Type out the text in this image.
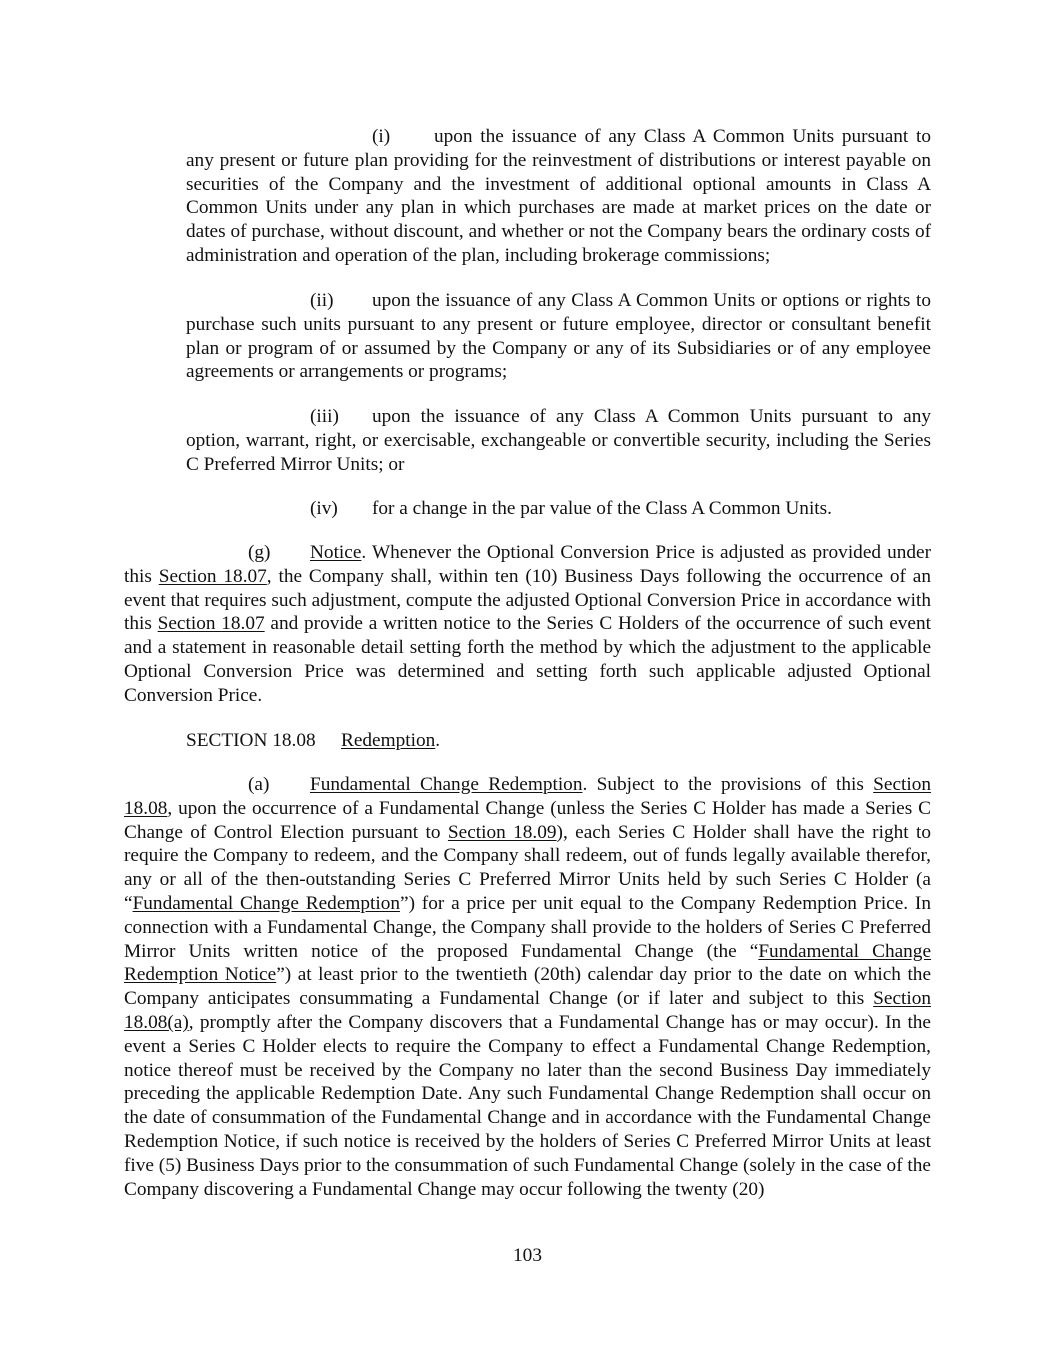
(i) upon the issuance of any Class A Common Units pursuant to any present or future plan providing for the reinvestment of distributions or interest payable on securities of the Company and the investment of additional optional amounts in Class A Common Units under any plan in which purchases are made at market prices on the date or dates of purchase, without discount, and whether or not the Company bears the ordinary costs of administration and operation of the plan, including brokerage commissions;

(ii) upon the issuance of any Class A Common Units or options or rights to purchase such units pursuant to any present or future employee, director or consultant benefit plan or program of or assumed by the Company or any of its Subsidiaries or of any employee agreements or arrangements or programs;

(iii) upon the issuance of any Class A Common Units pursuant to any option, warrant, right, or exercisable, exchangeable or convertible security, including the Series C Preferred Mirror Units; or

(iv) for a change in the par value of the Class A Common Units.

(g) Notice. Whenever the Optional Conversion Price is adjusted as provided under this Section 18.07, the Company shall, within ten (10) Business Days following the occurrence of an event that requires such adjustment, compute the adjusted Optional Conversion Price in accordance with this Section 18.07 and provide a written notice to the Series C Holders of the occurrence of such event and a statement in reasonable detail setting forth the method by which the adjustment to the applicable Optional Conversion Price was determined and setting forth such applicable adjusted Optional Conversion Price.

SECTION 18.08 Redemption.

(a) Fundamental Change Redemption. Subject to the provisions of this Section 18.08, upon the occurrence of a Fundamental Change (unless the Series C Holder has made a Series C Change of Control Election pursuant to Section 18.09), each Series C Holder shall have the right to require the Company to redeem, and the Company shall redeem, out of funds legally available therefor, any or all of the then-outstanding Series C Preferred Mirror Units held by such Series C Holder (a “Fundamental Change Redemption”) for a price per unit equal to the Company Redemption Price. In connection with a Fundamental Change, the Company shall provide to the holders of Series C Preferred Mirror Units written notice of the proposed Fundamental Change (the “Fundamental Change Redemption Notice”) at least prior to the twentieth (20th) calendar day prior to the date on which the Company anticipates consummating a Fundamental Change (or if later and subject to this Section 18.08(a), promptly after the Company discovers that a Fundamental Change has or may occur). In the event a Series C Holder elects to require the Company to effect a Fundamental Change Redemption, notice thereof must be received by the Company no later than the second Business Day immediately preceding the applicable Redemption Date. Any such Fundamental Change Redemption shall occur on the date of consummation of the Fundamental Change and in accordance with the Fundamental Change Redemption Notice, if such notice is received by the holders of Series C Preferred Mirror Units at least five (5) Business Days prior to the consummation of such Fundamental Change (solely in the case of the Company discovering a Fundamental Change may occur following the twenty (20)

103
